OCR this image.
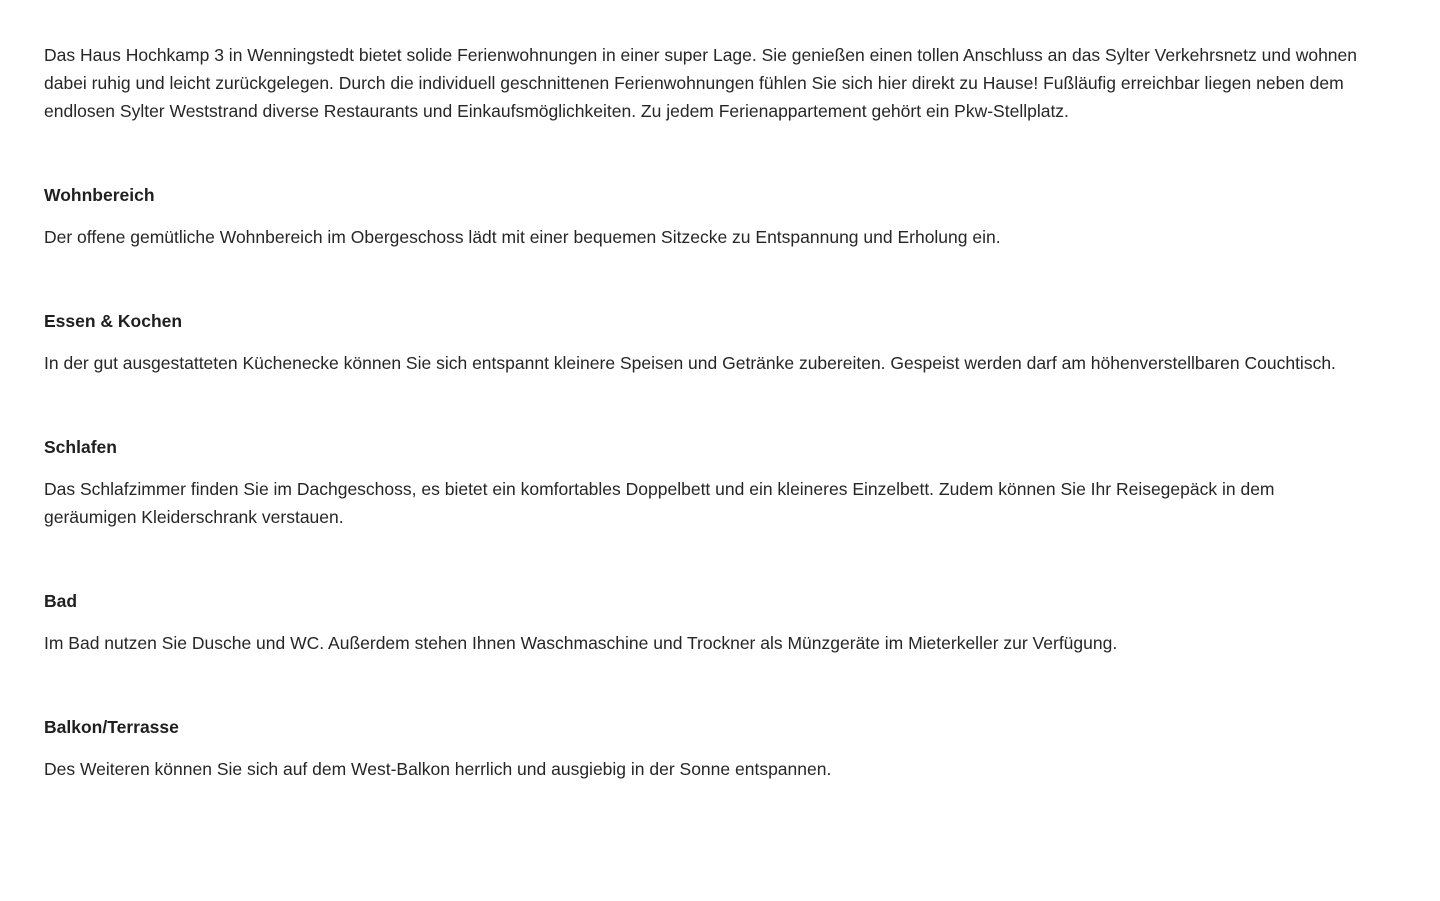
Das Haus Hochkamp 3 in Wenningstedt bietet solide Ferienwohnungen in einer super Lage. Sie genießen einen tollen Anschluss an das Sylter Verkehrsnetz und wohnen dabei ruhig und leicht zurückgelegen. Durch die individuell geschnittenen Ferienwohnungen fühlen Sie sich hier direkt zu Hause! Fußläufig erreichbar liegen neben dem endlosen Sylter Weststrand diverse Restaurants und Einkaufsmöglichkeiten. Zu jedem Ferienappartement gehört ein Pkw-Stellplatz.

Wohnbereich

Der offene gemütliche Wohnbereich im Obergeschoss lädt mit einer bequemen Sitzecke zu Entspannung und Erholung ein.

Essen & Kochen

In der gut ausgestatteten Küchenecke können Sie sich entspannt kleinere Speisen und Getränke zubereiten. Gespeist werden darf am höhenverstellbaren Couchtisch.

Schlafen

Das Schlafzimmer finden Sie im Dachgeschoss, es bietet ein komfortables Doppelbett und ein kleineres Einzelbett. Zudem können Sie Ihr Reisegepäck in dem geräumigen Kleiderschrank verstauen.

Bad

Im Bad nutzen Sie Dusche und WC. Außerdem stehen Ihnen Waschmaschine und Trockner als Münzgeräte im Mieterkeller zur Verfügung.

Balkon/Terrasse

Des Weiteren können Sie sich auf dem West-Balkon herrlich und ausgiebig in der Sonne entspannen.
